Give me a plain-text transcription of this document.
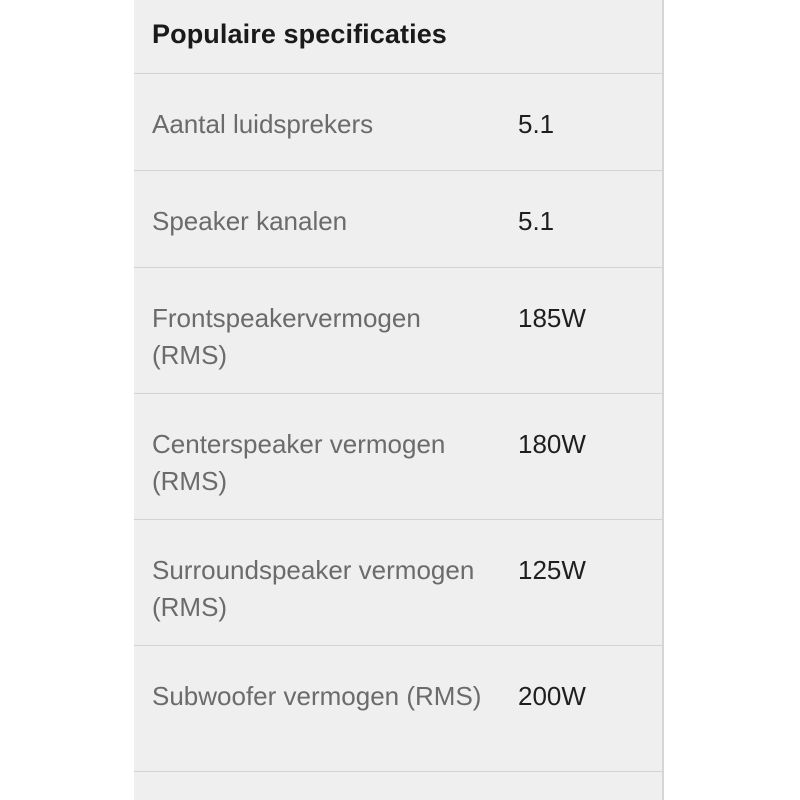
Populaire specificaties
Aantal luidsprekers	5.1
Speaker kanalen	5.1
Frontspeakervermogen (RMS)
185W
Centerspeaker vermogen (RMS)
180W
Surroundspeaker vermogen (RMS)
125W
Subwoofer vermogen (RMS) 200W
